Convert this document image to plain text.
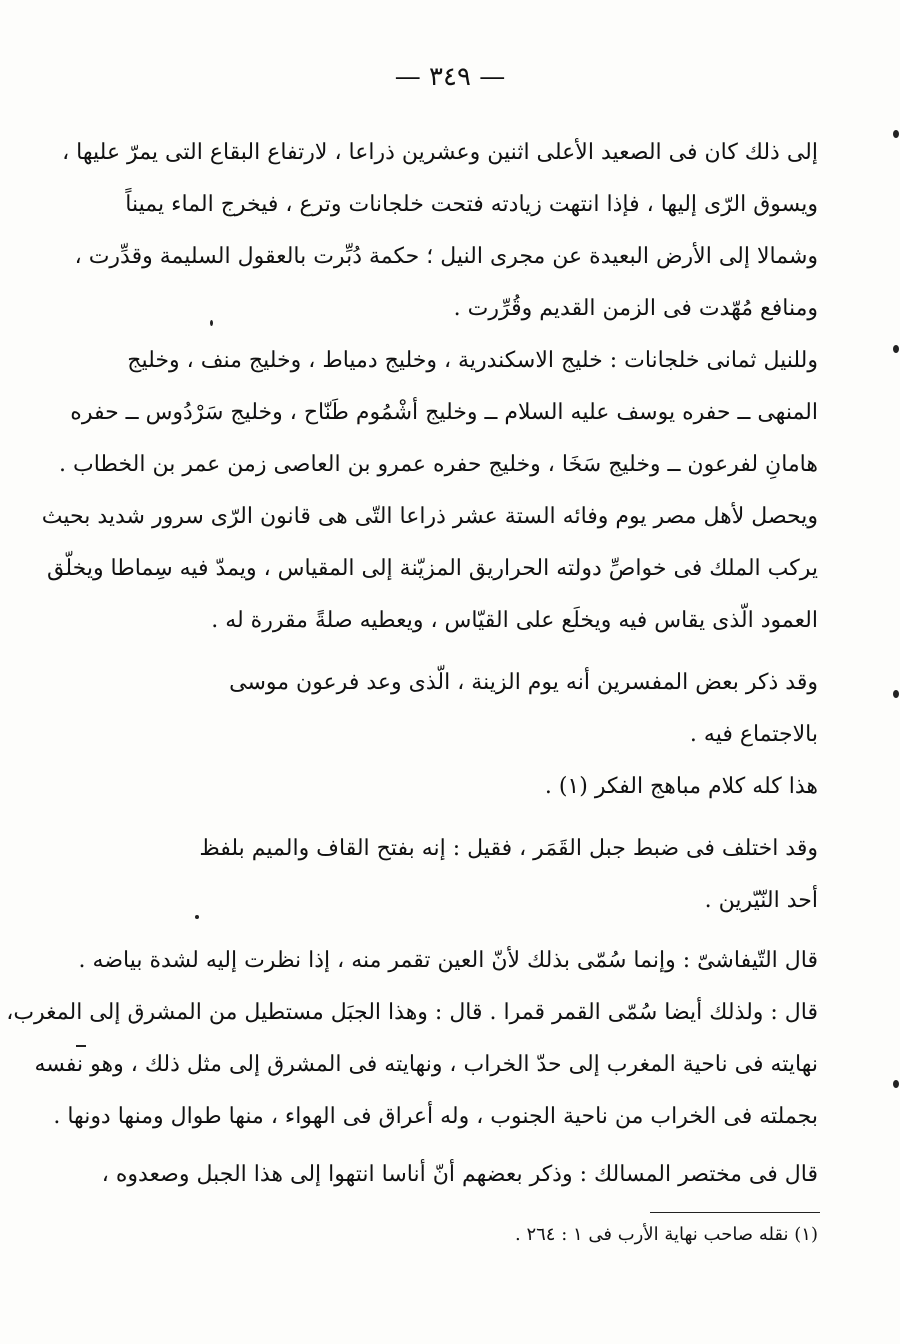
— ٣٤٩ —
إلى ذلك كان فى الصعيد الأعلى اثنين وعشرين ذراعا ، لارتفاع البقاع التى يمرّ عليها ،
ويسوق الرّى إليها ، فإذا انتهت زيادته فتحت خلجانات وترع ، فيخرج الماء يميناً
وشمالا إلى الأرض البعيدة عن مجرى النيل ؛ حكمة دُبِّرت بالعقول السليمة وقدِّرت ،
ومنافع مُهّدت فى الزمن القديم وقُرِّرت .
وللنيل ثمانى خلجانات : خليج الاسكندرية ، وخليج دمياط ، وخليج منف ، وخليج
المنهى ــ حفره يوسف عليه السلام ــ وخليج أشْمُوم طَنّاح ، وخليج سَرْدُوس ــ حفره
هامانِ لفرعون ــ وخليج سَخَا ، وخليج حفره عمرو بن العاصى زمن عمر بن الخطاب .
ويحصل لأهل مصر يوم وفائه الستة عشر ذراعا التّى هى قانون الرّى سرور شديد بحيث
يركب الملك فى خواصِّ دولته الحراريق المزيّنة إلى المقياس ، ويمدّ فيه سِماطا ويخلّق
العمود الّذى يقاس فيه ويخلَع على القيّاس ، ويعطيه صلةً مقررة له .
وقد ذكر بعض المفسرين أنه يوم الزينة ، الّذى وعد فرعون موسى
بالاجتماع فيه .
هذا كله كلام مباهج الفكر (١) .
وقد اختلف فى ضبط جبل القَمَر ، فقيل : إنه بفتح القاف والميم بلفظ
أحد النّيّرين .
قال التّيفاشىّ : وإنما سُمّى بذلك لأنّ العين تقمر منه ، إذا نظرت إليه لشدة بياضه .
قال : ولذلك أيضا سُمّى القمر قمرا . قال : وهذا الجبَل مستطيل من المشرق إلى المغرب،
نهايته فى ناحية المغرب إلى حدّ الخراب ، ونهايته فى المشرق إلى مثل ذلك ، وهو نفسه
بجملته فى الخراب من ناحية الجنوب ، وله أعراق فى الهواء ، منها طوال ومنها دونها .
قال فى مختصر المسالك : وذكر بعضهم أنّ أناسا انتهوا إلى هذا الجبل وصعدوه ،
(١) نقله صاحب نهاية الأرب فى ١ : ٢٦٤ .
